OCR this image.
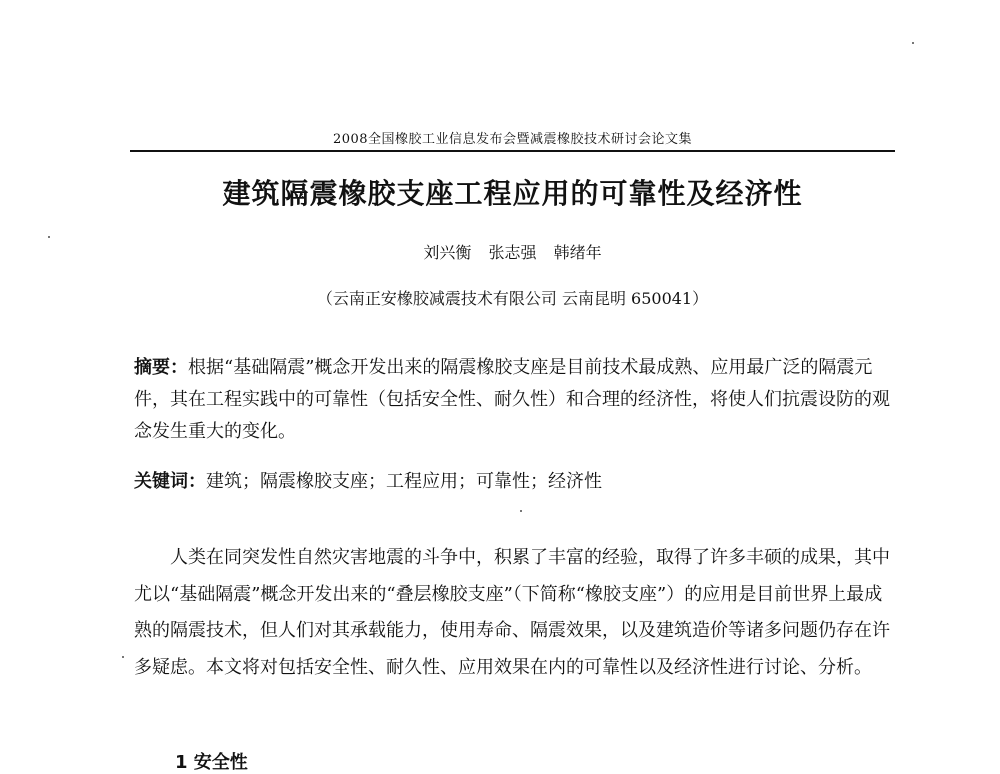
2008全国橡胶工业信息发布会暨减震橡胶技术研讨会论文集
建筑隔震橡胶支座工程应用的可靠性及经济性
刘兴衡 张志强 韩绪年
（云南正安橡胶减震技术有限公司 云南昆明 650041）
摘要：根据“基础隔震”概念开发出来的隔震橡胶支座是目前技术最成熟、应用最广泛的隔震元件，其在工程实践中的可靠性（包括安全性、耐久性）和合理的经济性，将使人们抗震设防的观念发生重大的变化。
关键词：建筑；隔震橡胶支座；工程应用；可靠性；经济性
人类在同突发性自然灾害地震的斗争中，积累了丰富的经验，取得了许多丰硕的成果，其中尤以“基础隔震”概念开发出来的“叠层橡胶支座”（下简称“橡胶支座”）的应用是目前世界上最成熟的隔震技术，但人们对其承载能力，使用寿命、隔震效果，以及建筑造价等诸多问题仍存在许多疑虑。本文将对包括安全性、耐久性、应用效果在内的可靠性以及经济性进行讨论、分析。
1 安全性
